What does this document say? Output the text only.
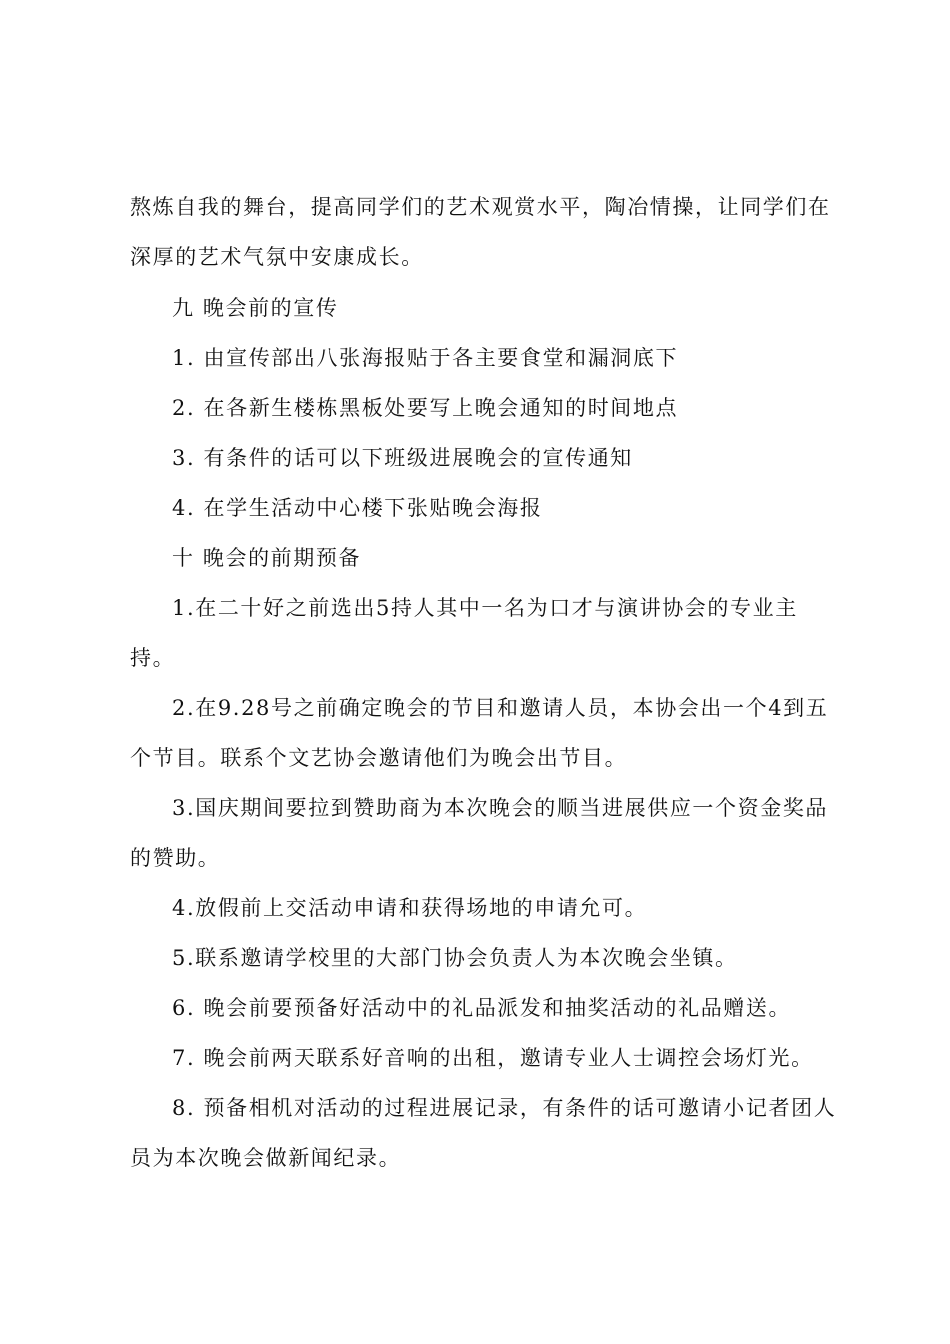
熬炼自我的舞台，提高同学们的艺术观赏水平，陶冶情操，让同学们在
深厚的艺术气氛中安康成长。
九 晚会前的宣传
1. 由宣传部出八张海报贴于各主要食堂和漏洞底下
2. 在各新生楼栋黑板处要写上晚会通知的时间地点
3. 有条件的话可以下班级进展晚会的宣传通知
4. 在学生活动中心楼下张贴晚会海报
十 晚会的前期预备
1.在二十好之前选出5持人其中一名为口才与演讲协会的专业主
持。
2.在9.28号之前确定晚会的节目和邀请人员，本协会出一个4到五
个节目。联系个文艺协会邀请他们为晚会出节目。
3.国庆期间要拉到赞助商为本次晚会的顺当进展供应一个资金奖品
的赞助。
4.放假前上交活动申请和获得场地的申请允可。
5.联系邀请学校里的大部门协会负责人为本次晚会坐镇。
6. 晚会前要预备好活动中的礼品派发和抽奖活动的礼品赠送。
7. 晚会前两天联系好音响的出租，邀请专业人士调控会场灯光。
8. 预备相机对活动的过程进展记录，有条件的话可邀请小记者团人
员为本次晚会做新闻纪录。
